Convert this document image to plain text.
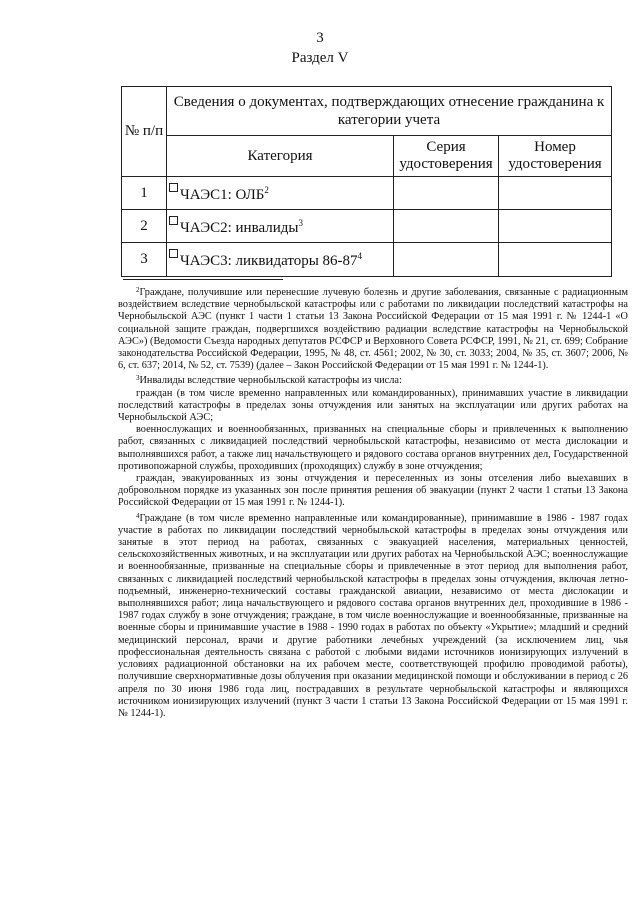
3
Раздел V
№ п/п	Сведения о документах, подтверждающих отнесение гражданина к категории учета		
	Категория	Серия удостоверения	Номер удостоверения
1	ЧАЭС1: ОЛБ$^2$		
2	ЧАЭС2: инвалиды$^3$		
3	ЧАЭС3: ликвидаторы $86-87^4$		

$^2$Граждане, получившие или перенесшие лучевую болезнь и другие заболевания, связанные с радиационным воздействием вследствие чернобыльской катастрофы или с работами по ликвидации последствий катастрофы на Чернобыльской АЭС (пункт 1 части 1 статьи 13 Закона Российской Федерации от 15 мая 1991 г. № 1244-1 «О социальной защите граждан, подвергшихся воздействию радиации вследствие катастрофы на Чернобыльской АЭС») (Ведомости Съезда народных депутатов РСФСР и Верховного Совета РСФСР, 1991, № 21, ст. 699; Собрание законодательства Российской Федерации, 1995, № 48, ст. 4561; 2002, № 30, ст. 3033; 2004, № 35, ст. 3607; 2006, № 6, ст. 637; 2014, № 52, ст. 7539) (далее – Закон Российской Федерации от 15 мая 1991 г. № 1244-1).

$^3$Инвалиды вследствие чернобыльской катастрофы из числа:

граждан (в том числе временно направленных или командированных), принимавших участие в ликвидации последствий катастрофы в пределах зоны отчуждения или занятых на эксплуатации или других работах на Чернобыльской АЭС;

военнослужащих и военнообязанных, призванных на специальные сборы и привлеченных к выполнению работ, связанных с ликвидацией последствий чернобыльской катастрофы, независимо от места дислокации и выполнявшихся работ, а также лиц начальствующего и рядового состава органов внутренних дел, Государственной противопожарной службы, проходивших (проходящих) службу в зоне отчуждения;

граждан, эвакуированных из зоны отчуждения и переселенных из зоны отселения либо выехавших в добровольном порядке из указанных зон после принятия решения об эвакуации (пункт 2 части 1 статьи 13 Закона Российской Федерации от 15 мая 1991 г. № 1244-1).

$^4$Граждане (в том числе временно направленные или командированные), принимавшие в 1986 - 1987 годах участие в работах по ликвидации последствий чернобыльской катастрофы в пределах зоны отчуждения или занятые в этот период на работах, связанных с эвакуацией населения, материальных ценностей, сельскохозяйственных животных, и на эксплуатации или других работах на Чернобыльской АЭС; военнослужащие и военнообязанные, призванные на специальные сборы и привлеченные в этот период для выполнения работ, связанных с ликвидацией последствий чернобыльской катастрофы в пределах зоны отчуждения, включая летно-подъемный, инженерно-технический составы гражданской авиации, независимо от места дислокации и выполнявшихся работ; лица начальствующего и рядового состава органов внутренних дел, проходившие в 1986 - 1987 годах службу в зоне отчуждения; граждане, в том числе военнослужащие и военнообязанные, призванные на военные сборы и принимавшие участие в 1988 - 1990 годах в работах по объекту «Укрытие»; младший и средний медицинский персонал, врачи и другие работники лечебных учреждений (за исключением лиц, чья профессиональная деятельность связана с работой с любыми видами источников ионизирующих излучений в условиях радиационной обстановки на их рабочем месте, соответствующей профилю проводимой работы), получившие сверхнормативные дозы облучения при оказании медицинской помощи и обслуживании в период с 26 апреля по 30 июня 1986 года лиц, пострадавших в результате чернобыльской катастрофы и являющихся источником ионизирующих излучений (пункт 3 части 1 статьи 13 Закона Российской Федерации от 15 мая 1991 г. № 1244-1).
